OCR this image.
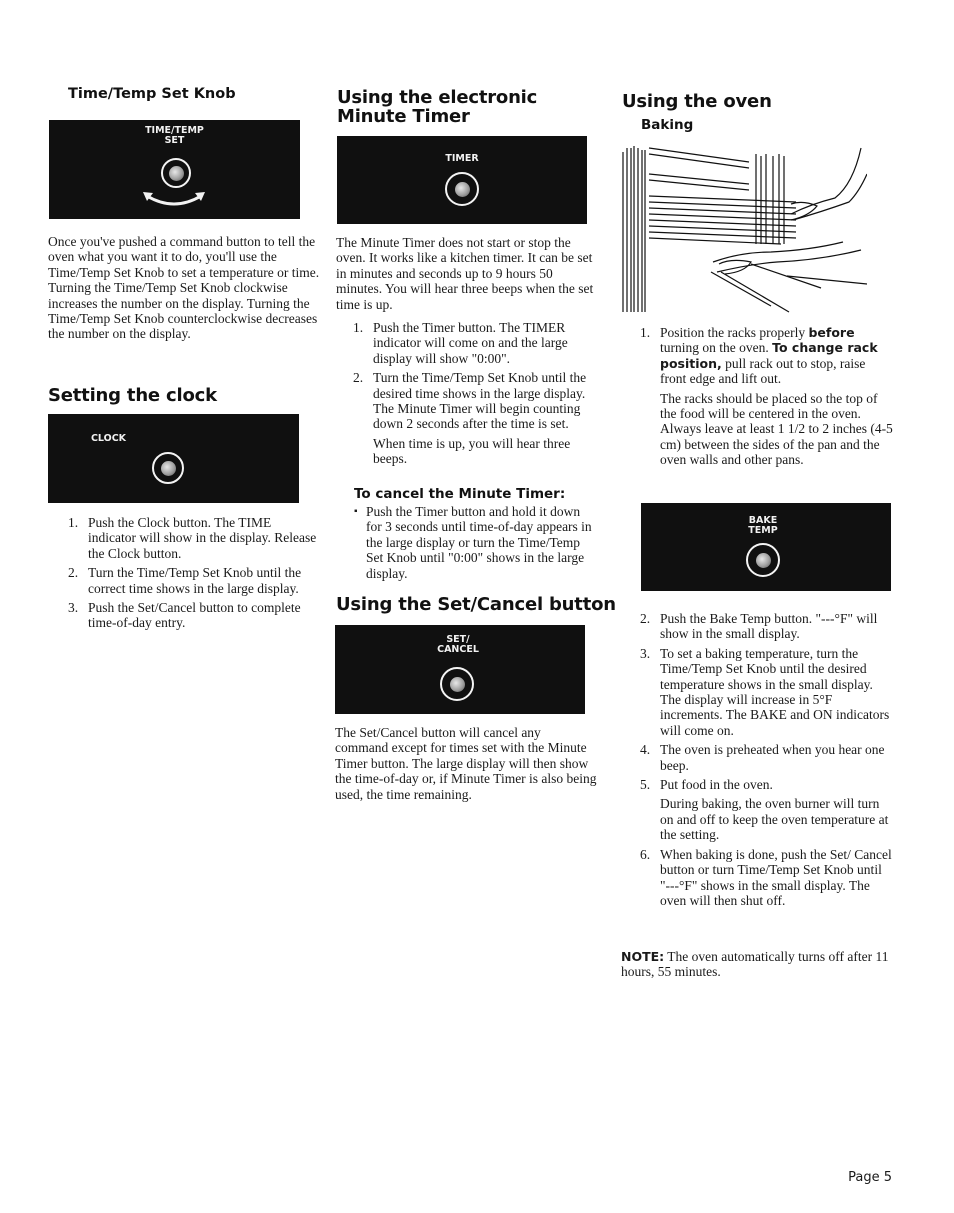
Time/Temp Set Knob
TIME/TEMP
SET

Once you've pushed a command button to tell the oven what you want it to do, you'll use the Time/Temp Set Knob to set a temperature or time. Turning the Time/Temp Set Knob clockwise increases the number on the display. Turning the Time/Temp Set Knob counterclockwise decreases the number on the display.

Setting the clock
CLOCK
1. Push the Clock button. The TIME indicator will show in the display. Release the Clock button.
2. Turn the Time/Temp Set Knob until the correct time shows in the large display.
3. Push the Set/Cancel button to complete time-of-day entry.
Using the electronic Minute Timer
TIMER

The Minute Timer does not start or stop the oven. It works like a kitchen timer. It can be set in minutes and seconds up to 9 hours 50 minutes. You will hear three beeps when the set time is up.

1. Push the Timer button. The TIMER indicator will come on and the large display will show "0:00".
2. Turn the Time/Temp Set Knob until the desired time shows in the large display. The Minute Timer will begin counting down 2 seconds after the time is set.
When time is up, you will hear three beeps.
To cancel the Minute Timer:
▪ Push the Timer button and hold it down for 3 seconds until time-of-day appears in the large display or turn the Time/Temp Set Knob until "0:00" shows in the large display.
Using the Set/Cancel button
SET/
CANCEL

The Set/Cancel button will cancel any command except for times set with the Minute Timer button. The large display will then show the time-of-day or, if Minute Timer is also being used, the time remaining.

Using the oven
Baking
1. Position the racks properly before turning on the oven. To change rack position, pull rack out to stop, raise front edge and lift out.
The racks should be placed so the top of the food will be centered in the oven. Always leave at least 1 1/2 to 2 inches (4-5 cm) between the sides of the pan and the oven walls and other pans.
BAKE
TEMP
2. Push the Bake Temp button. "---°F" will show in the small display.
3. To set a baking temperature, turn the Time/Temp Set Knob until the desired temperature shows in the small display. The display will increase in 5°F increments. The BAKE and ON indicators will come on.
4. The oven is preheated when you hear one beep.
5. Put food in the oven.
During baking, the oven burner will turn on and off to keep the oven temperature at the setting.
6. When baking is done, push the Set/ Cancel button or turn Time/Temp Set Knob until "---°F" shows in the small display. The oven will then shut off.

NOTE: The oven automatically turns off after 11 hours, 55 minutes.

Page 5
